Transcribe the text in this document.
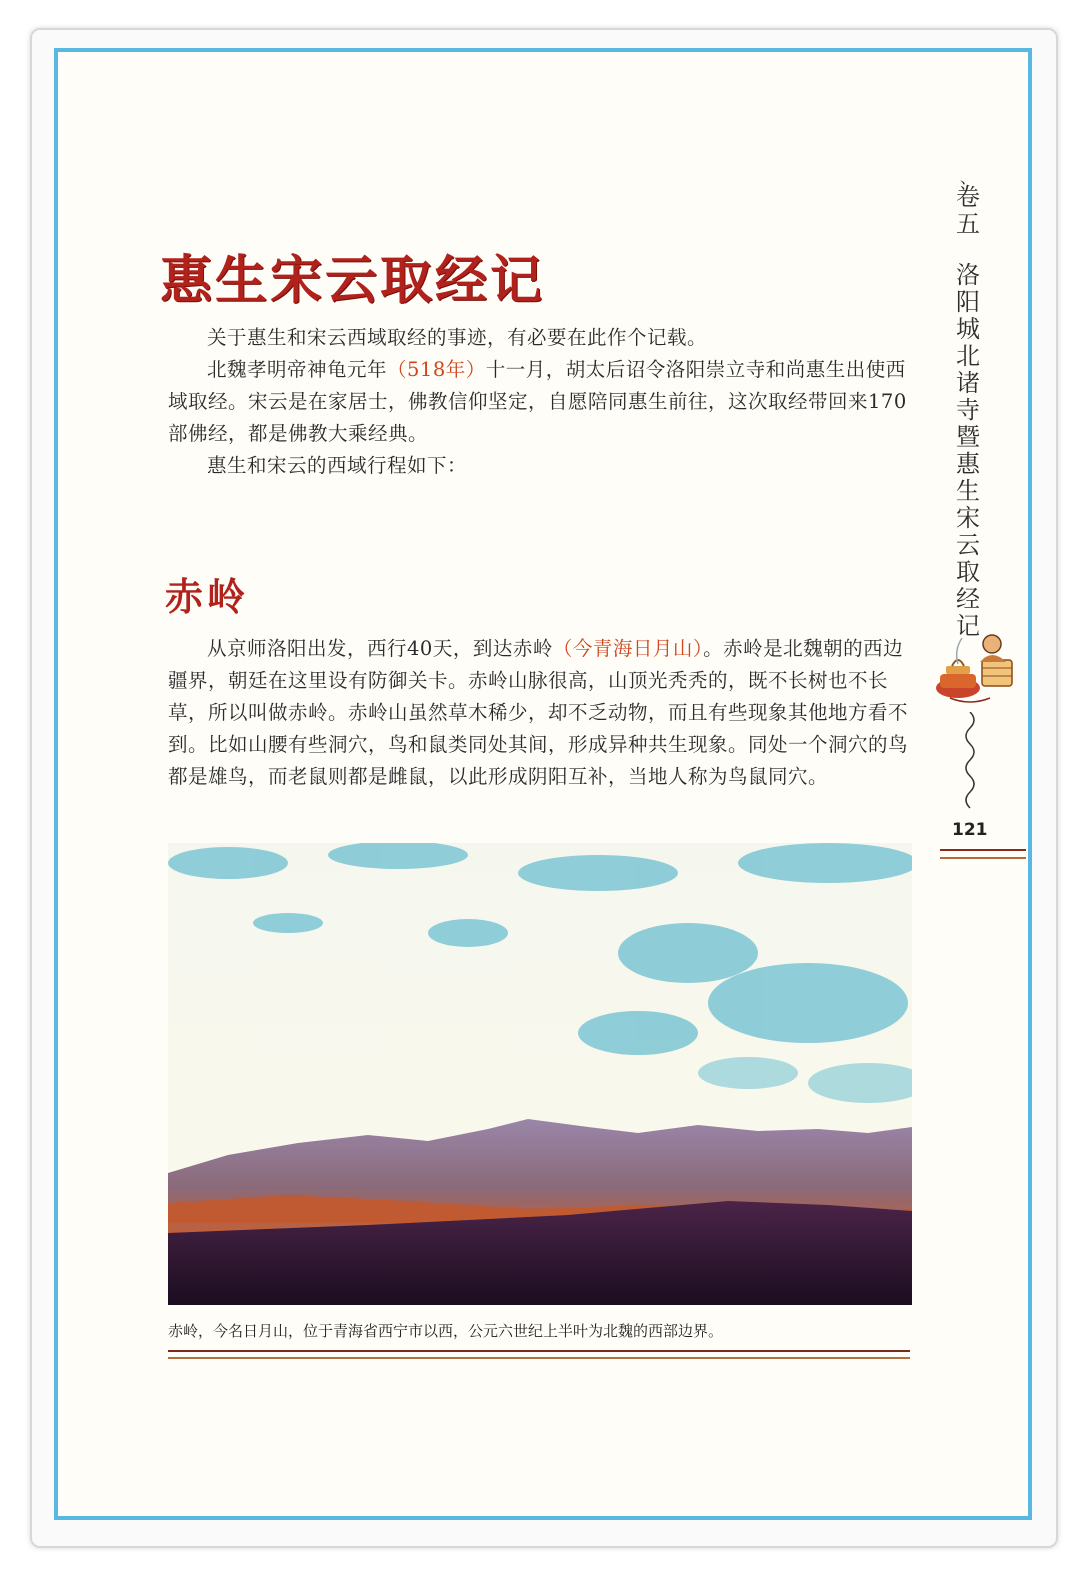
惠生宋云取经记

关于惠生和宋云西域取经的事迹，有必要在此作个记载。

北魏孝明帝神龟元年（518年）十一月，胡太后诏令洛阳崇立寺和尚惠生出使西域取经。宋云是在家居士，佛教信仰坚定，自愿陪同惠生前往，这次取经带回来170部佛经，都是佛教大乘经典。

惠生和宋云的西域行程如下：

赤岭

从京师洛阳出发，西行40天，到达赤岭（今青海日月山）。赤岭是北魏朝的西边疆界，朝廷在这里设有防御关卡。赤岭山脉很高，山顶光秃秃的，既不长树也不长草，所以叫做赤岭。赤岭山虽然草木稀少，却不乏动物，而且有些现象其他地方看不到。比如山腰有些洞穴，鸟和鼠类同处其间，形成异种共生现象。同处一个洞穴的鸟都是雄鸟，而老鼠则都是雌鼠，以此形成阴阳互补，当地人称为鸟鼠同穴。

、
卷
五
洛
阳
城
北
诸
寺
暨
惠
生
宋
云
取
经
记
121
赤岭，今名日月山，位于青海省西宁市以西，公元六世纪上半叶为北魏的西部边界。
